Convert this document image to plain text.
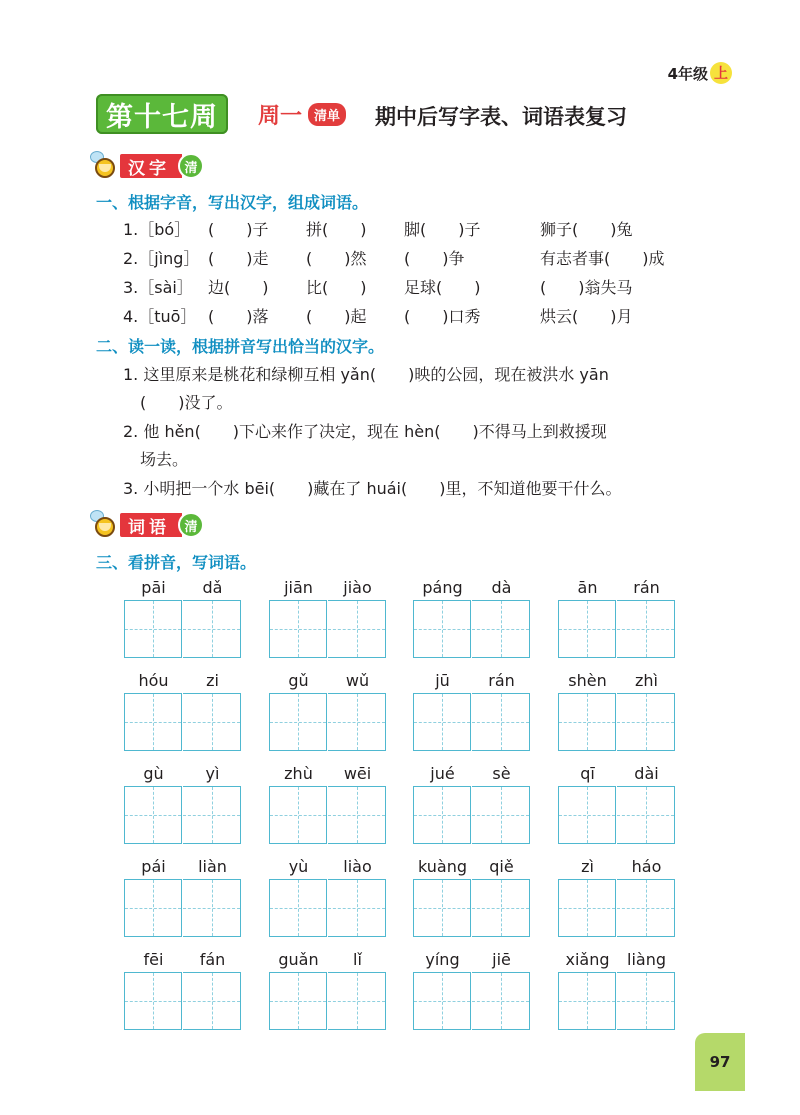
4年级 上
第十七周	周一 清单 期中后写字表、词语表复习
汉字	清
一、根据字音，写出汉字，组成词语。
1.［bó］ (　　)子 拼(　　) 脚(　　)子	狮子(　　)兔
2.［jìng］ (　　)走 (　　)然 (　　)争	有志者事(　　)成
3.［sài］ 边(　　) 比(　　) 足球(　　)	(　　)翁失马
4.［tuō］ (　　)落 (　　)起 (　　)口秀	烘云(　　)月
二、读一读，根据拼音写出恰当的汉字。
1. 这里原来是桃花和绿柳互相 yǎn(　　)映的公园，现在被洪水 yān
(　　)没了。
2. 他 hěn(　　)下心来作了决定，现在 hèn(　　)不得马上到救援现
场去。
3. 小明把一个水 bēi(　　)藏在了 huái(　　)里，不知道他要干什么。
词语	清
三、看拼音，写词语。
pāi	dǎ	jiān	jiào	páng	dà	ān	rán
hóu	zi	gǔ	wǔ	jū	rán	shèn	zhì
gù	yì	zhù	wēi	jué	sè	qī	dài
pái	liàn	yù	liào	kuàng	qiě	zì	háo
fēi	fán	guǎn	lǐ	yíng	jiē	xiǎng	liàng
97
